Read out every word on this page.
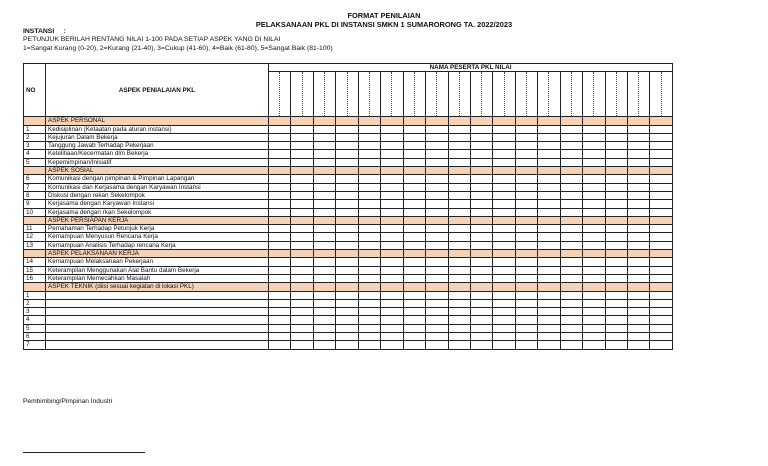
FORMAT PENILAIAN
PELAKSANAAN PKL DI INSTANSI SMKN 1 SUMARORONG TA. 2022/2023
INSTANSI :
PETUNJUK BERILAH RENTANG NILAI 1-100 PADA SETIAP ASPEK YANG DI NILAI
1=Sangat Kurang (0-20), 2=Kurang (21-40), 3=Cukup (41-60), 4=Baik (61-80), 5=Sangat Baik (81-100)
NO	ASPEK PENIALAIAN PKL	NAMA PESERTA PKL NILAI																	

	ASPEK PERSONAL																		
1	Kedisiplinan (Ketaatan pada aturan instansi)																		
2	Kejujuran Dalam Bekerja																		
3	Tanggung Jawab Terhadap Pekerjaan																		
4	Ketelitiaan/Kecermatan dlm Bekerja																		
5	Kepemimpinan/Inisiatif																		
	ASPEK SOSIAL																		
6	Komunikasi dengan pimpinan & Pimpinan Lapangan																		
7	Komunikasi dan Kerjasama dengan Karyawan Instansi																		
8	Diskusi dengan rekan Sekelompok																		
9	Kerjasama dengan Karyawan Instansi																		
10	Kerjasama dengan rkan Sekelompok																		
	ASPEK PERSIAPAN KERJA																		
11	Pemahaman Terhadap Petunjuk Kerja																		
12	Kemampuan Menyusun Rencana Kerja																		
13	Kemampuan Analisis Terhadap rencana Kerja																		
	ASPEK PELAKSANAAN KERJA																		
14	Kemampuan Melaksanaan Pekerjaan																		
15	Keterampilan Menggunakan Alat Bantu dalam Bekerja																		
16	Keterampilan Memecahkan Masalah																		
	ASPEK TEKNIK (diisi sesuai kegiatan di lokasi PKL)																		
1																			
2																			
3																			
4																			
5																			
6																			
7																			
Pembimbing/Pimpinan Industri
